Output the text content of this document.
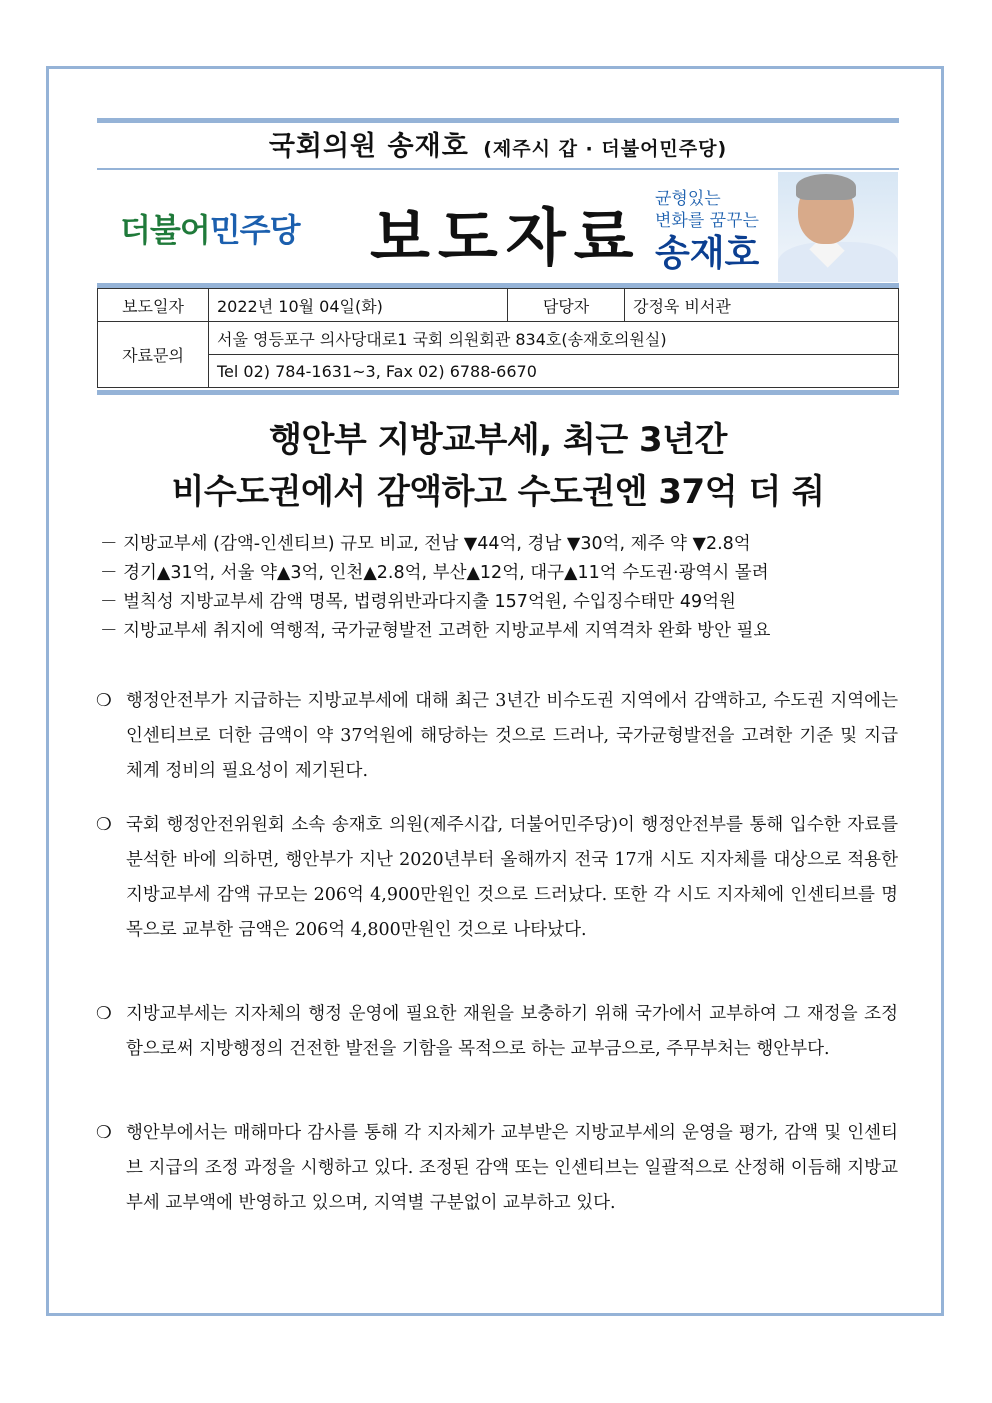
국회의원 송재호 (제주시 갑 · 더불어민주당)
더불어민주당 보도자료
균형있는
변화를 꿈꾸는
송재호
보도일자	2022년 10월 04일(화)	담당자	강정욱 비서관
자료문의	서울 영등포구 의사당대로1 국회 의원회관 834호(송재호의원실)		
	Tel 02) 784-1631~3, Fax 02) 6788-6670		
행안부 지방교부세, 최근 3년간
비수도권에서 감액하고 수도권엔 37억 더 줘
－ 지방교부세 (감액-인센티브) 규모 비교, 전남 ▼44억, 경남 ▼30억, 제주 약 ▼2.8억
－ 경기▲31억, 서울 약▲3억, 인천▲2.8억, 부산▲12억, 대구▲11억 수도권·광역시 몰려
－ 벌칙성 지방교부세 감액 명목, 법령위반과다지출 157억원, 수입징수태만 49억원
－ 지방교부세 취지에 역행적, 국가균형발전 고려한 지방교부세 지역격차 완화 방안 필요
❍ 행정안전부가 지급하는 지방교부세에 대해 최근 3년간 비수도권 지역에서 감액하고, 수도권 지역에는 인센티브로 더한 금액이 약 37억원에 해당하는 것으로 드러나, 국가균형발전을 고려한 기준 및 지급 체계 정비의 필요성이 제기된다.
❍ 국회 행정안전위원회 소속 송재호 의원(제주시갑, 더불어민주당)이 행정안전부를 통해 입수한 자료를 분석한 바에 의하면, 행안부가 지난 2020년부터 올해까지 전국 17개 시도 지자체를 대상으로 적용한 지방교부세 감액 규모는 206억 4,900만원인 것으로 드러났다. 또한 각 시도 지자체에 인센티브를 명목으로 교부한 금액은 206억 4,800만원인 것으로 나타났다.
❍ 지방교부세는 지자체의 행정 운영에 필요한 재원을 보충하기 위해 국가에서 교부하여 그 재정을 조정함으로써 지방행정의 건전한 발전을 기함을 목적으로 하는 교부금으로, 주무부처는 행안부다.
❍ 행안부에서는 매해마다 감사를 통해 각 지자체가 교부받은 지방교부세의 운영을 평가, 감액 및 인센티브 지급의 조정 과정을 시행하고 있다. 조정된 감액 또는 인센티브는 일괄적으로 산정해 이듬해 지방교부세 교부액에 반영하고 있으며, 지역별 구분없이 교부하고 있다.
